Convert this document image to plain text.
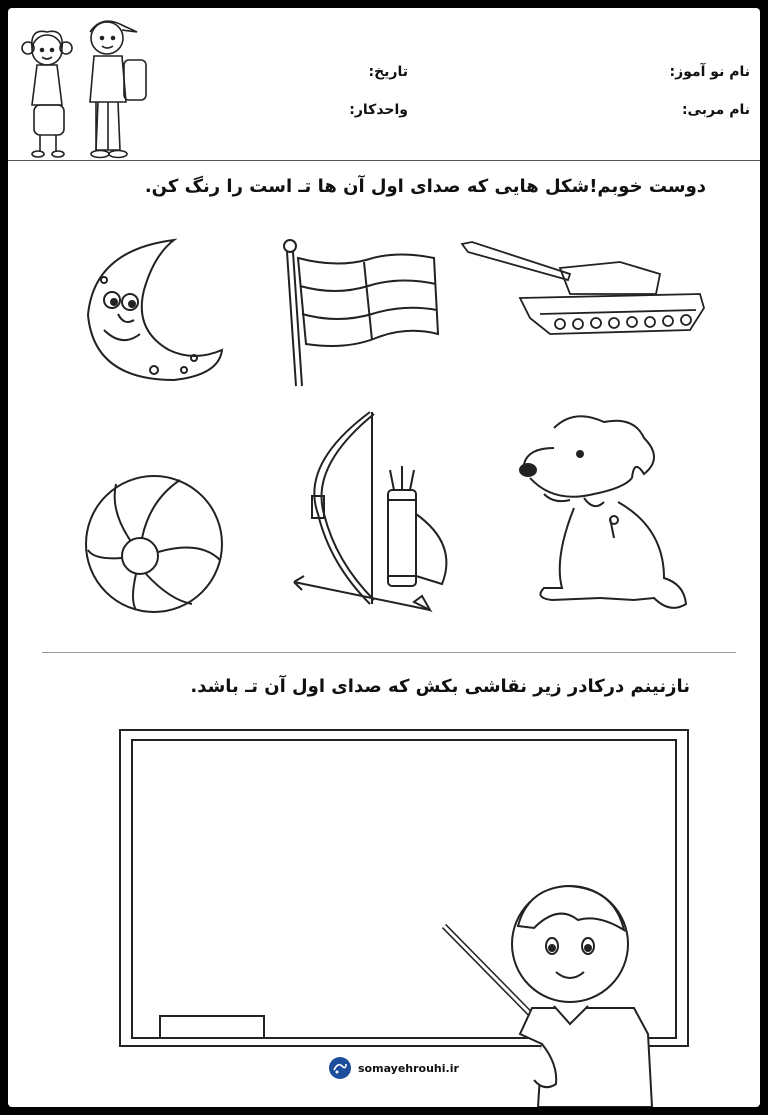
نام نو آموز:
نام مربی:
تاریخ:
واحدکار:
دوست خوبم!شکل هایی که صدای اول آن ها تـ است را رنگ کن.
نازنینم درکادر زیر نقاشی بکش که صدای اول آن تـ باشد.
somayehrouhi.ir
